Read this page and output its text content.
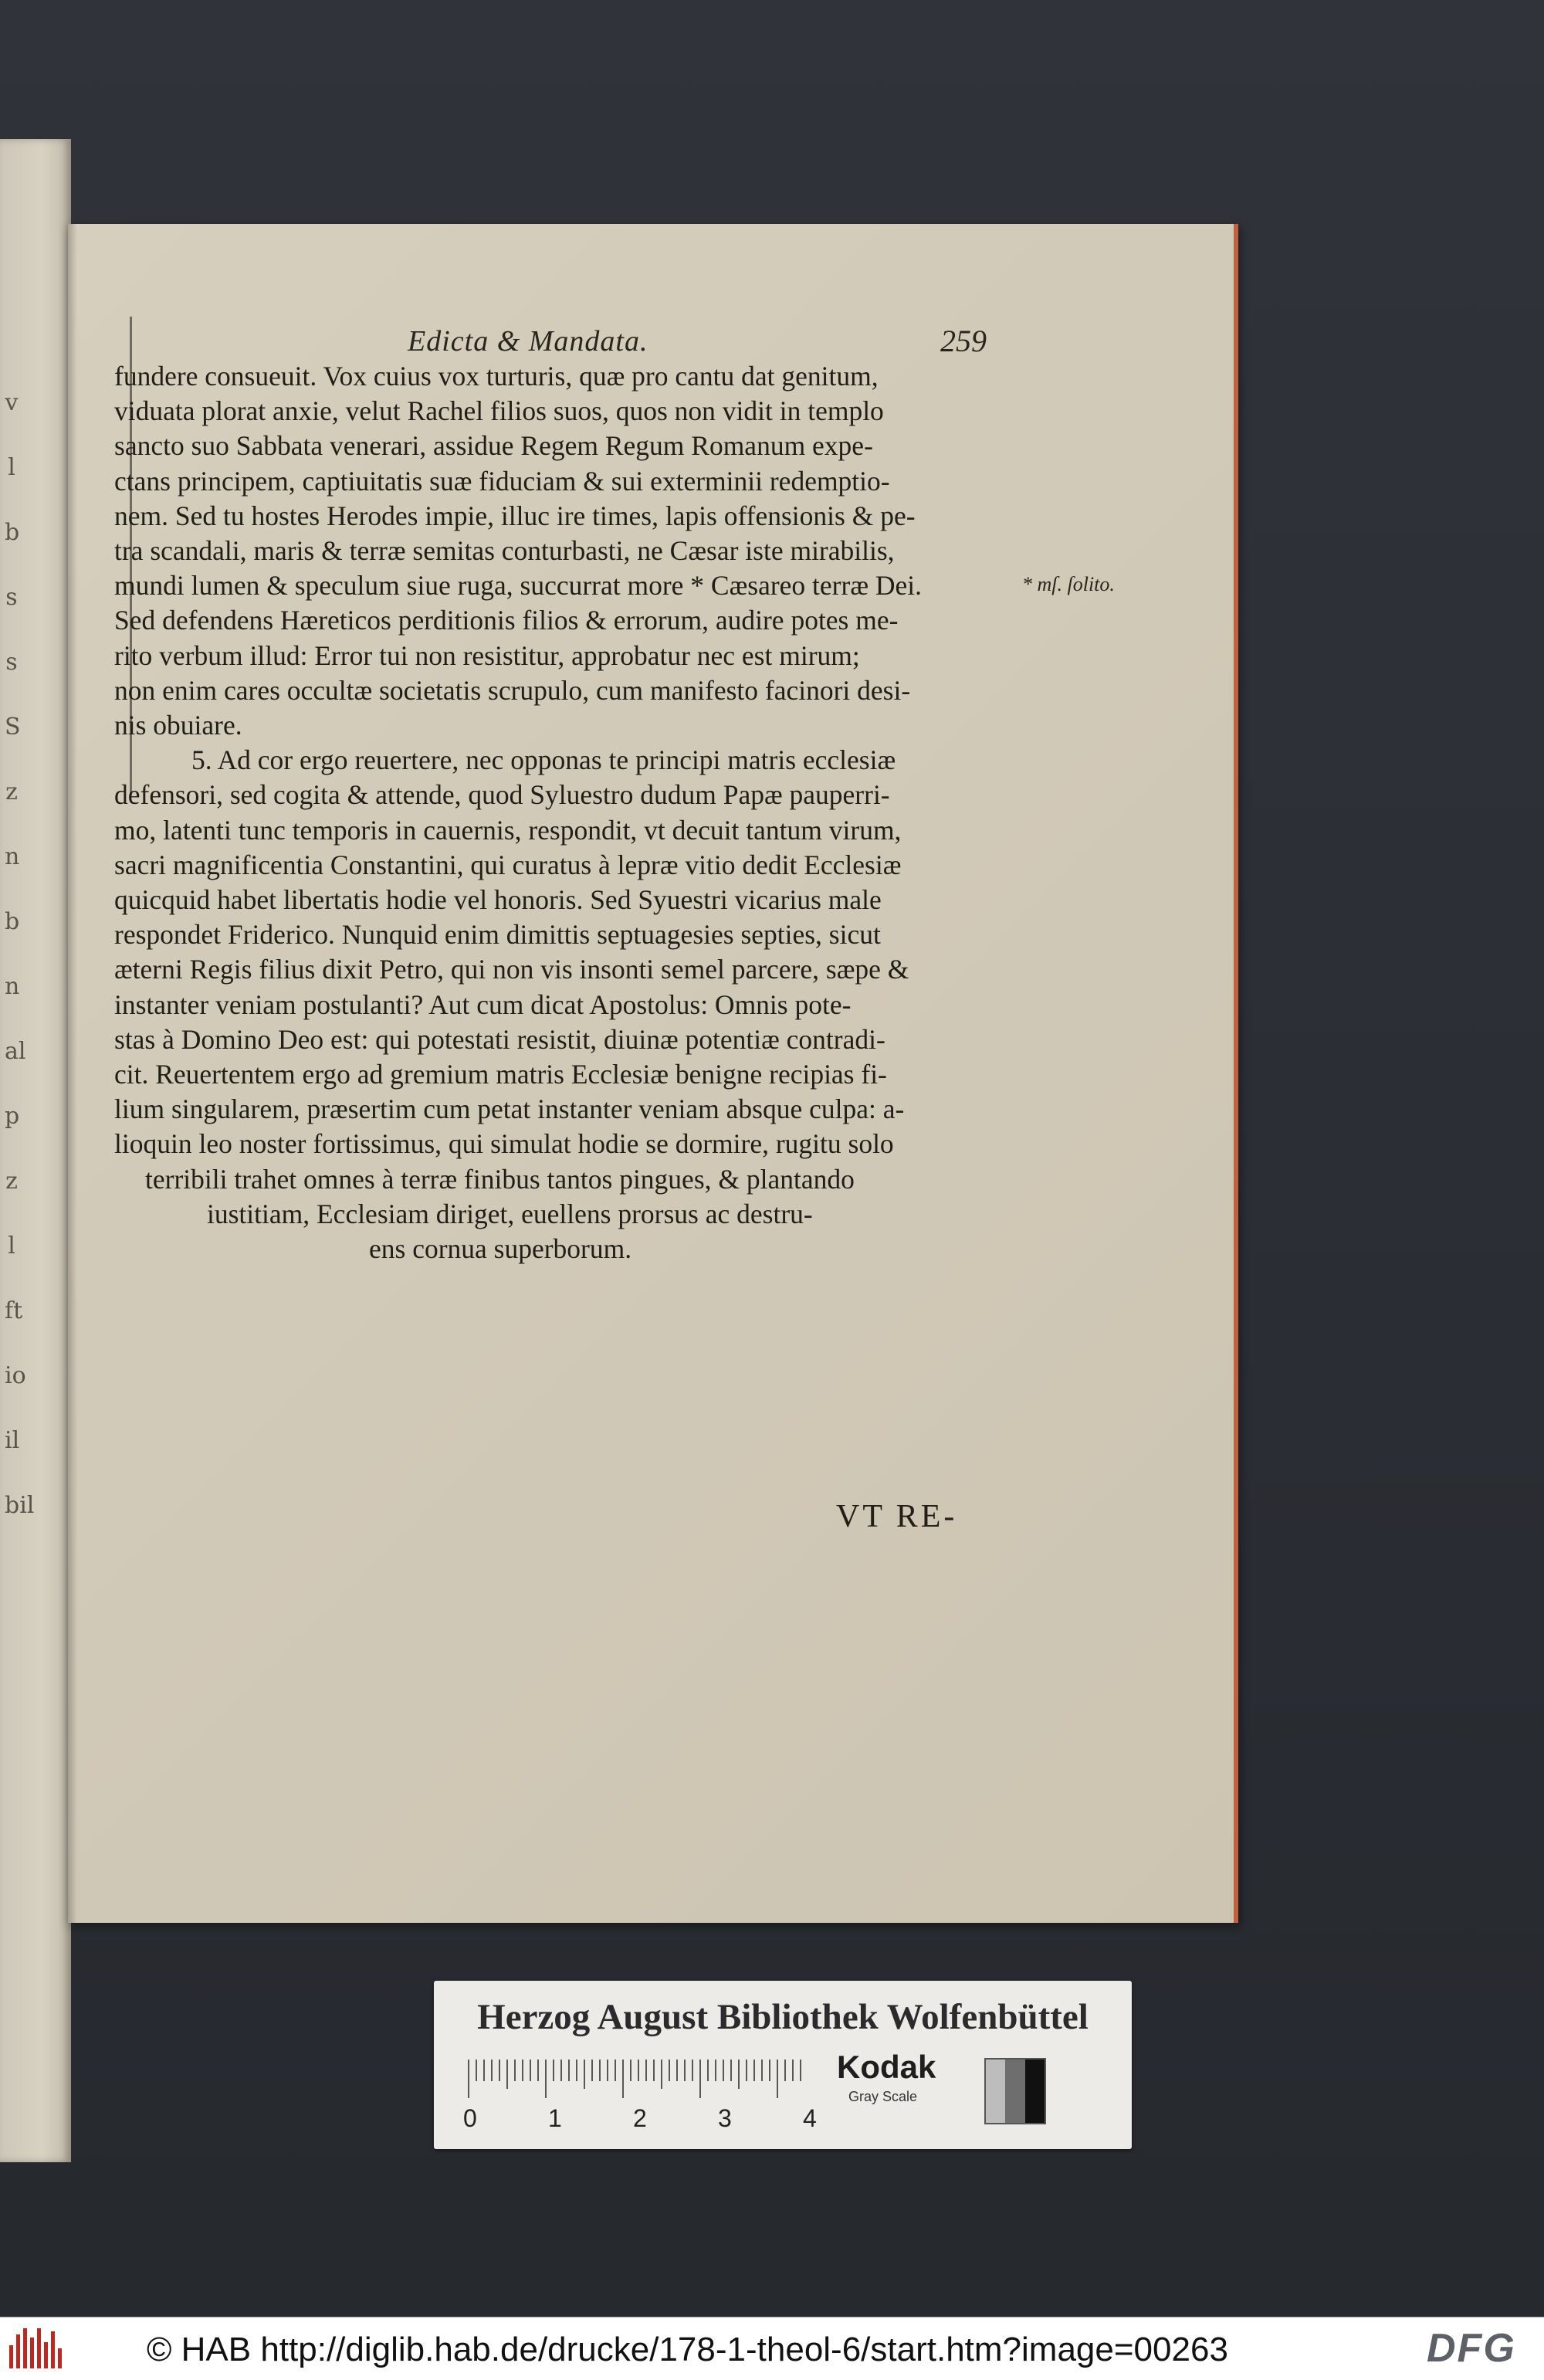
v
l
b
s
s
S
z
n
b
n
al
p
z
l
ft
io
il
bil
Edicta & Mandata.	259
fundere consueuit. Vox cuius vox turturis, quæ pro cantu dat genitum,
viduata plorat anxie, velut Rachel filios suos, quos non vidit in templo
sancto suo Sabbata venerari, assidue Regem Regum Romanum expe-
ctans principem, captiuitatis suæ fiduciam & sui exterminii redemptio-
nem. Sed tu hostes Herodes impie, illuc ire times, lapis offensionis & pe-
tra scandali, maris & terræ semitas conturbasti, ne Cæsar iste mirabilis,
mundi lumen & speculum siue ruga, succurrat more * Cæsareo terræ Dei.
Sed defendens Hæreticos perditionis filios & errorum, audire potes me-
rito verbum illud: Error tui non resistitur, approbatur nec est mirum;
non enim cares occultæ societatis scrupulo, cum manifesto facinori desi-
nis obuiare.
5. Ad cor ergo reuertere, nec opponas te principi matris ecclesiæ
defensori, sed cogita & attende, quod Syluestro dudum Papæ pauperri-
mo, latenti tunc temporis in cauernis, respondit, vt decuit tantum virum,
sacri magnificentia Constantini, qui curatus à lepræ vitio dedit Ecclesiæ
quicquid habet libertatis hodie vel honoris. Sed Syuestri vicarius male
respondet Friderico. Nunquid enim dimittis septuagesies septies, sicut
æterni Regis filius dixit Petro, qui non vis insonti semel parcere, sæpe &
instanter veniam postulanti? Aut cum dicat Apostolus: Omnis pote-
stas à Domino Deo est: qui potestati resistit, diuinæ potentiæ contradi-
cit. Reuertentem ergo ad gremium matris Ecclesiæ benigne recipias fi-
lium singularem, præsertim cum petat instanter veniam absque culpa: a-
lioquin leo noster fortissimus, qui simulat hodie se dormire, rugitu solo
terribili trahet omnes à terræ finibus tantos pingues, & plantando
iustitiam, Ecclesiam diriget, euellens prorsus ac destru-
ens cornua superborum.
* mſ. ſolito.
VT RE-
Herzog August Bibliothek Wolfenbüttel
0	1	2	3	4
Kodak
Gray Scale
© HAB http://diglib.hab.de/drucke/178-1-theol-6/start.htm?image=00263	DFG
